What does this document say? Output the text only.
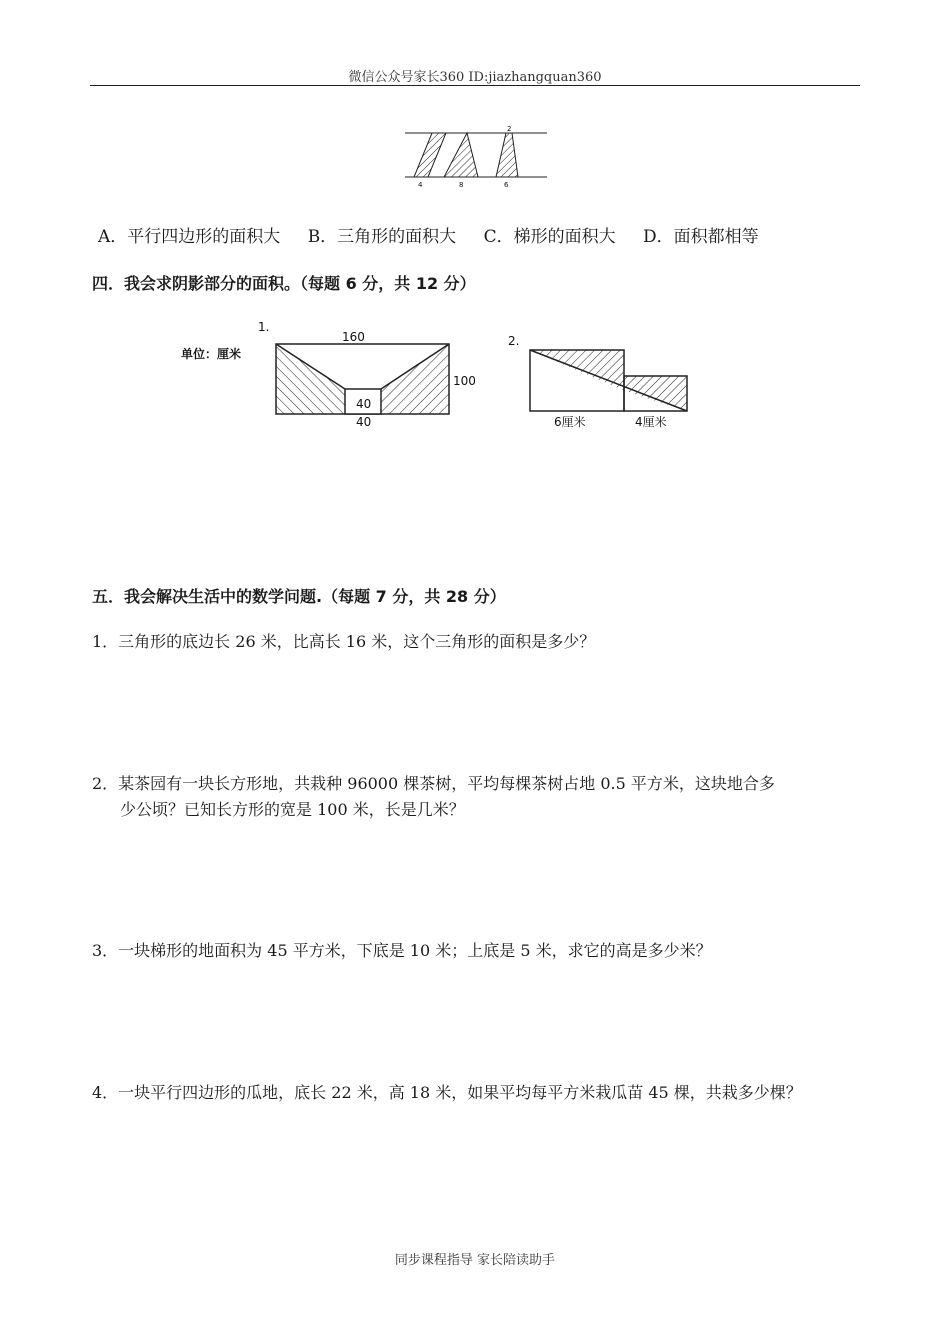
微信公众号家长360 ID:jiazhangquan360
2
4	8	6
A．平行四边形的面积大 B．三角形的面积大 C．梯形的面积大 D．面积都相等
四．我会求阴影部分的面积。（每题 6 分，共 12 分）
1.
单位：厘米
160
100
40
40
2.
6厘米	4厘米
五．我会解决生活中的数学问题.（每题 7 分，共 28 分）
1．三角形的底边长 26 米，比高长 16 米，这个三角形的面积是多少？
2．某茶园有一块长方形地，共栽种 96000 棵茶树，平均每棵茶树占地 0.5 平方米，这块地合多
少公顷？已知长方形的宽是 100 米，长是几米？
3．一块梯形的地面积为 45 平方米，下底是 10 米；上底是 5 米，求它的高是多少米？
4．一块平行四边形的瓜地，底长 22 米，高 18 米，如果平均每平方米栽瓜苗 45 棵，共栽多少棵？
同步课程指导 家长陪读助手
